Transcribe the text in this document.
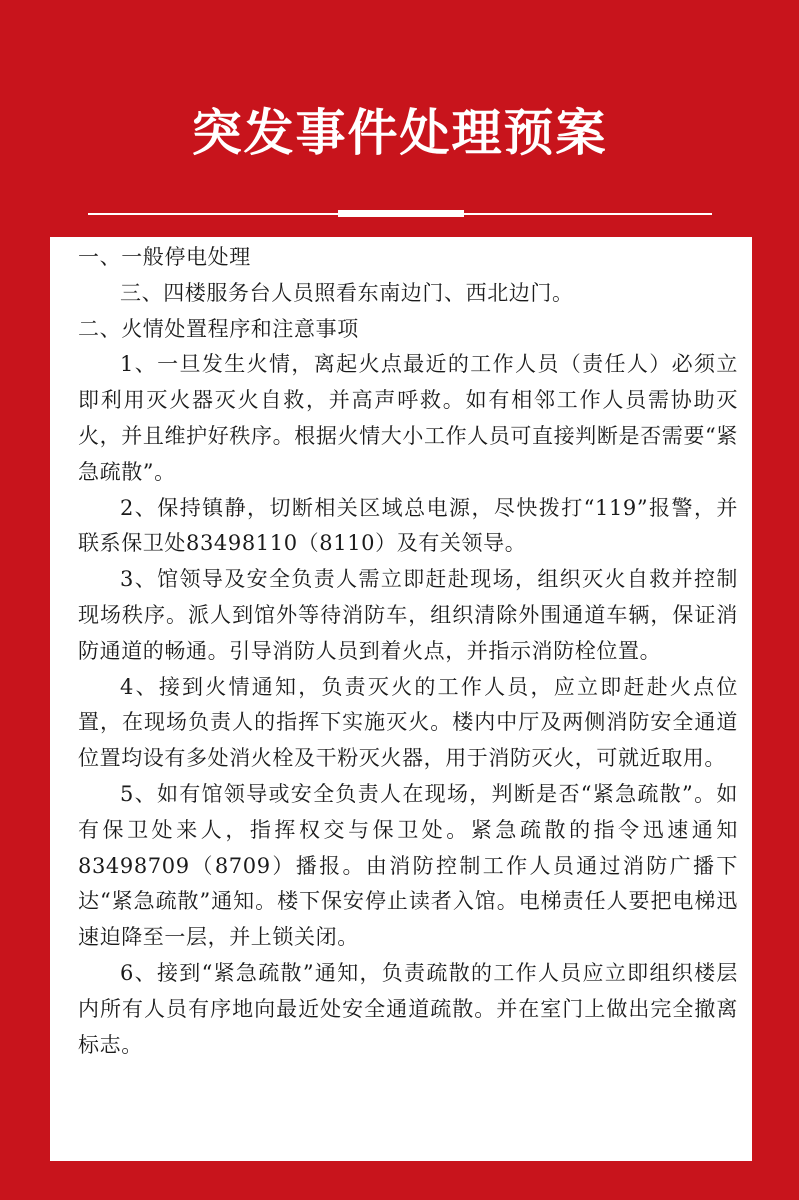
突发事件处理预案

一、一般停电处理

三、四楼服务台人员照看东南边门、西北边门。

二、火情处置程序和注意事项

1、一旦发生火情，离起火点最近的工作人员（责任人）必须立即利用灭火器灭火自救，并高声呼救。如有相邻工作人员需协助灭火，并且维护好秩序。根据火情大小工作人员可直接判断是否需要“紧急疏散”。

2、保持镇静，切断相关区域总电源，尽快拨打“119”报警，并联系保卫处83498110（8110）及有关领导。

3、馆领导及安全负责人需立即赶赴现场，组织灭火自救并控制现场秩序。派人到馆外等待消防车，组织清除外围通道车辆，保证消防通道的畅通。引导消防人员到着火点，并指示消防栓位置。

4、接到火情通知，负责灭火的工作人员，应立即赶赴火点位置，在现场负责人的指挥下实施灭火。楼内中厅及两侧消防安全通道位置均设有多处消火栓及干粉灭火器，用于消防灭火，可就近取用。

5、如有馆领导或安全负责人在现场，判断是否“紧急疏散”。如有保卫处来人，指挥权交与保卫处。紧急疏散的指令迅速通知83498709（8709）播报。由消防控制工作人员通过消防广播下达“紧急疏散”通知。楼下保安停止读者入馆。电梯责任人要把电梯迅速迫降至一层，并上锁关闭。

6、接到“紧急疏散”通知，负责疏散的工作人员应立即组织楼层内所有人员有序地向最近处安全通道疏散。并在室门上做出完全撤离标志。
